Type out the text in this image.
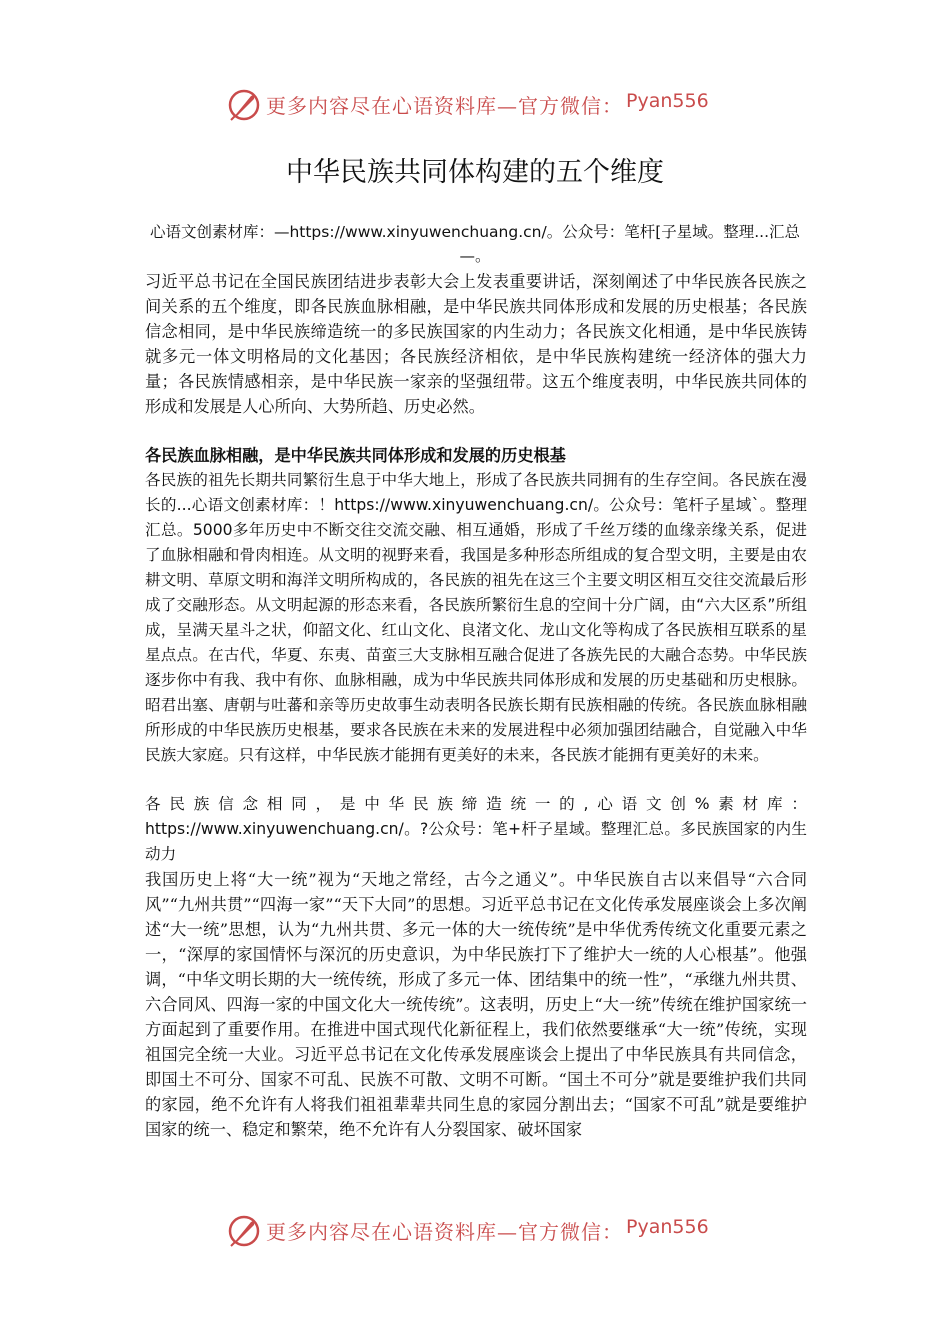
更多内容尽在心语资料库—官方微信： Pyan556
中华民族共同体构建的五个维度
心语文创素材库：—https://www.xinyuwenchuang.cn/。公众号：笔杆[子星域。整理...汇总—。
习近平总书记在全国民族团结进步表彰大会上发表重要讲话，深刻阐述了中华民族各民族之间关系的五个维度，即各民族血脉相融，是中华民族共同体形成和发展的历史根基；各民族信念相同，是中华民族缔造统一的多民族国家的内生动力；各民族文化相通，是中华民族铸就多元一体文明格局的文化基因；各民族经济相依，是中华民族构建统一经济体的强大力量；各民族情感相亲，是中华民族一家亲的坚强纽带。这五个维度表明，中华民族共同体的形成和发展是人心所向、大势所趋、历史必然。
各民族血脉相融，是中华民族共同体形成和发展的历史根基
各民族的祖先长期共同繁衍生息于中华大地上，形成了各民族共同拥有的生存空间。各民族在漫长的...心语文创素材库：！https://www.xinyuwenchuang.cn/。公众号：笔杆子星域`。整理汇总。5000多年历史中不断交往交流交融、相互通婚，形成了千丝万缕的血缘亲缘关系，促进了血脉相融和骨肉相连。从文明的视野来看，我国是多种形态所组成的复合型文明，主要是由农耕文明、草原文明和海洋文明所构成的，各民族的祖先在这三个主要文明区相互交往交流最后形成了交融形态。从文明起源的形态来看，各民族所繁衍生息的空间十分广阔，由“六大区系”所组成，呈满天星斗之状，仰韶文化、红山文化、良渚文化、龙山文化等构成了各民族相互联系的星星点点。在古代，华夏、东夷、苗蛮三大支脉相互融合促进了各族先民的大融合态势。中华民族逐步你中有我、我中有你、血脉相融，成为中华民族共同体形成和发展的历史基础和历史根脉。昭君出塞、唐朝与吐蕃和亲等历史故事生动表明各民族长期有民族相融的传统。各民族血脉相融所形成的中华民族历史根基，要求各民族在未来的发展进程中必须加强团结融合，自觉融入中华民族大家庭。只有这样，中华民族才能拥有更美好的未来，各民族才能拥有更美好的未来。
各民族信念相同，是中华民族缔造统一的,心语文创%素材库：https://www.xinyuwenchuang.cn/。?公众号：笔+杆子星域。整理汇总。多民族国家的内生动力
我国历史上将“大一统”视为“天地之常经，古今之通义”。中华民族自古以来倡导“六合同风”“九州共贯”“四海一家”“天下大同”的思想。习近平总书记在文化传承发展座谈会上多次阐述“大一统”思想，认为“九州共贯、多元一体的大一统传统”是中华优秀传统文化重要元素之一，“深厚的家国情怀与深沉的历史意识，为中华民族打下了维护大一统的人心根基”。他强调，“中华文明长期的大一统传统，形成了多元一体、团结集中的统一性”，“承继九州共贯、六合同风、四海一家的中国文化大一统传统”。这表明，历史上“大一统”传统在维护国家统一方面起到了重要作用。在推进中国式现代化新征程上，我们依然要继承“大一统”传统，实现祖国完全统一大业。习近平总书记在文化传承发展座谈会上提出了中华民族具有共同信念，即国土不可分、国家不可乱、民族不可散、文明不可断。“国土不可分”就是要维护我们共同的家园，绝不允许有人将我们祖祖辈辈共同生息的家园分割出去；“国家不可乱”就是要维护国家的统一、稳定和繁荣，绝不允许有人分裂国家、破坏国家
更多内容尽在心语资料库—官方微信： Pyan556
